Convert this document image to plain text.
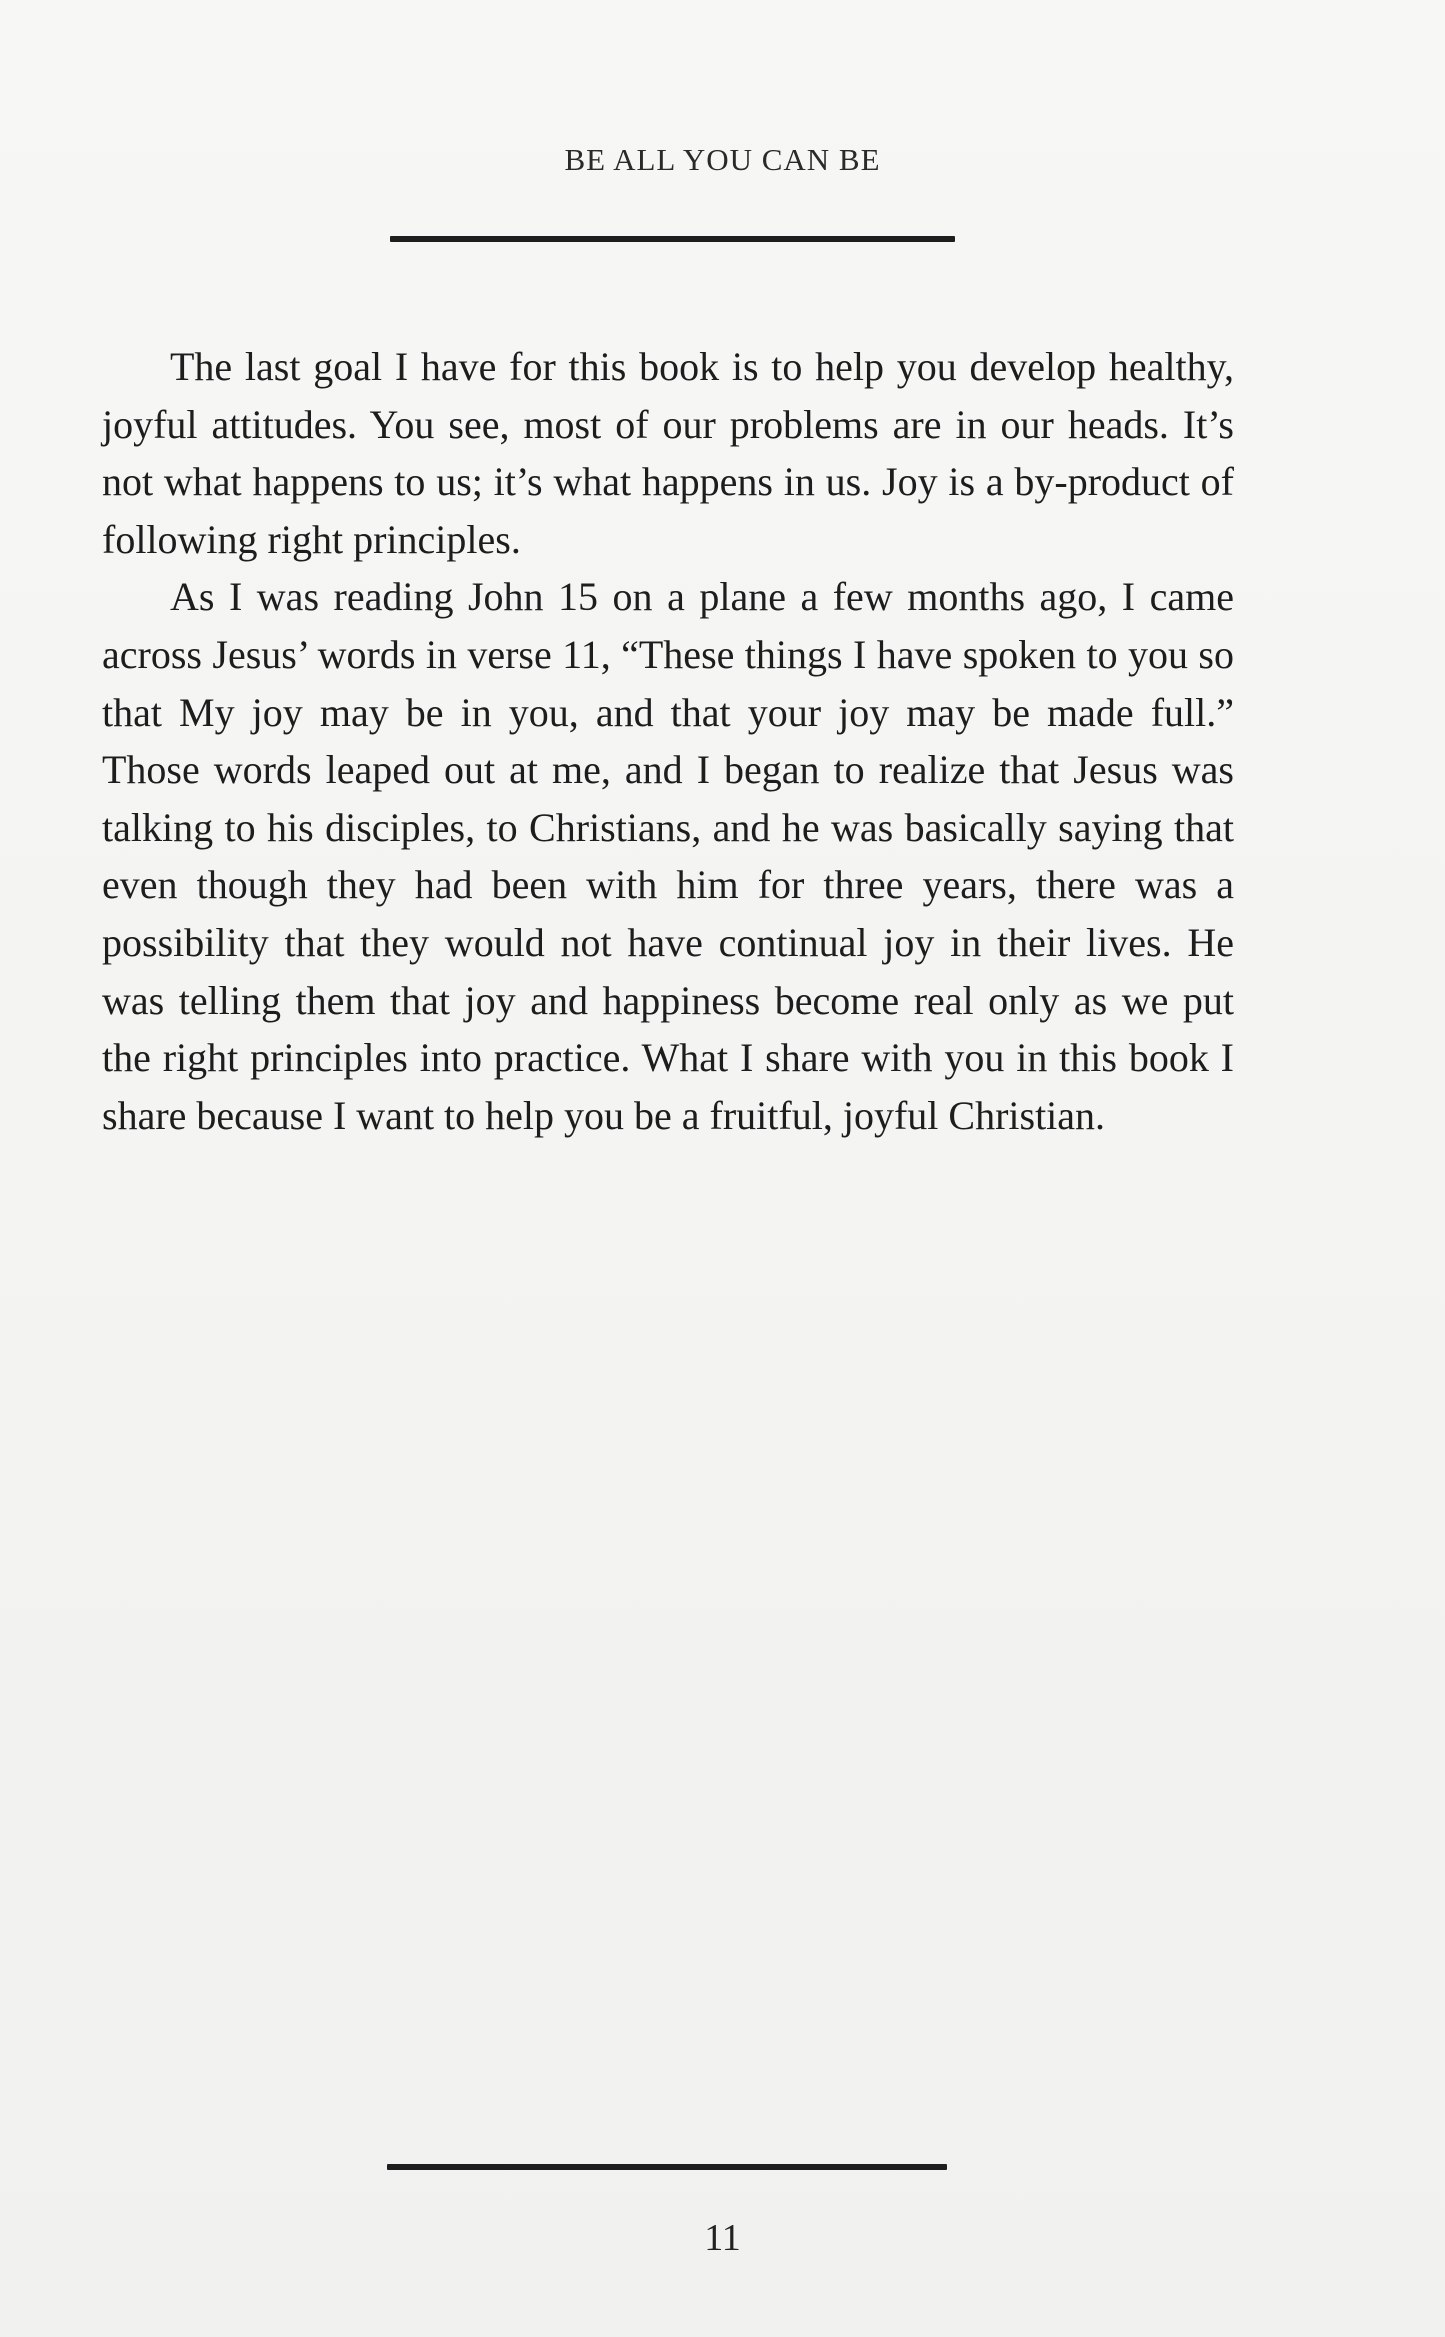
BE ALL YOU CAN BE

The last goal I have for this book is to help you develop healthy, joyful attitudes. You see, most of our problems are in our heads. It’s not what happens to us; it’s what happens in us. Joy is a by-product of following right principles.

As I was reading John 15 on a plane a few months ago, I came across Jesus’ words in verse 11, “These things I have spoken to you so that My joy may be in you, and that your joy may be made full.” Those words leaped out at me, and I began to realize that Jesus was talking to his disciples, to Christians, and he was basically saying that even though they had been with him for three years, there was a possibility that they would not have continual joy in their lives. He was telling them that joy and happiness become real only as we put the right principles into practice. What I share with you in this book I share because I want to help you be a fruitful, joyful Christian.

11
